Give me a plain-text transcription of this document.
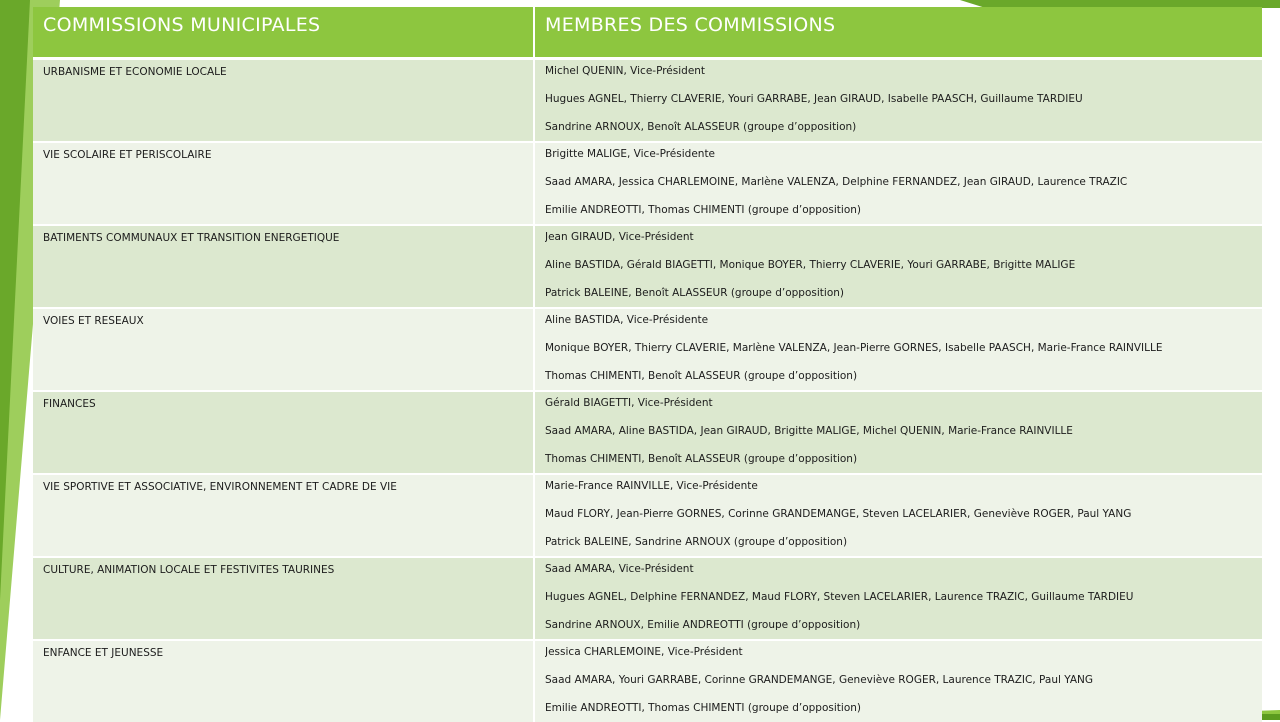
COMMISSIONS MUNICIPALES	MEMBRES DES COMMISSIONS
URBANISME ET ECONOMIE LOCALE	Michel QUENIN, Vice-Président
Hugues AGNEL, Thierry CLAVERIE, Youri GARRABE, Jean GIRAUD, Isabelle PAASCH, Guillaume TARDIEU
Sandrine ARNOUX, Benoît ALASSEUR (groupe d’opposition)

VIE SCOLAIRE ET PERISCOLAIRE	Brigitte MALIGE, Vice-Présidente
Saad AMARA, Jessica CHARLEMOINE, Marlène VALENZA, Delphine FERNANDEZ, Jean GIRAUD, Laurence TRAZIC
Emilie ANDREOTTI, Thomas CHIMENTI (groupe d’opposition)

BATIMENTS COMMUNAUX ET TRANSITION ENERGETIQUE	Jean GIRAUD, Vice-Président
Aline BASTIDA, Gérald BIAGETTI, Monique BOYER, Thierry CLAVERIE, Youri GARRABE, Brigitte MALIGE
Patrick BALEINE, Benoît ALASSEUR (groupe d’opposition)

VOIES ET RESEAUX	Aline BASTIDA, Vice-Présidente
Monique BOYER, Thierry CLAVERIE, Marlène VALENZA, Jean-Pierre GORNES, Isabelle PAASCH, Marie-France RAINVILLE
Thomas CHIMENTI, Benoît ALASSEUR (groupe d’opposition)

FINANCES	Gérald BIAGETTI, Vice-Président
Saad AMARA, Aline BASTIDA, Jean GIRAUD, Brigitte MALIGE, Michel QUENIN, Marie-France RAINVILLE
Thomas CHIMENTI, Benoît ALASSEUR (groupe d’opposition)

VIE SPORTIVE ET ASSOCIATIVE, ENVIRONNEMENT ET CADRE DE VIE	Marie-France RAINVILLE, Vice-Présidente
Maud FLORY, Jean-Pierre GORNES, Corinne GRANDEMANGE, Steven LACELARIER, Geneviève ROGER, Paul YANG
Patrick BALEINE, Sandrine ARNOUX (groupe d’opposition)

CULTURE, ANIMATION LOCALE ET FESTIVITES TAURINES	Saad AMARA, Vice-Président
Hugues AGNEL, Delphine FERNANDEZ, Maud FLORY, Steven LACELARIER, Laurence TRAZIC, Guillaume TARDIEU
Sandrine ARNOUX, Emilie ANDREOTTI (groupe d’opposition)

ENFANCE ET JEUNESSE	Jessica CHARLEMOINE, Vice-Président
Saad AMARA, Youri GARRABE, Corinne GRANDEMANGE, Geneviève ROGER, Laurence TRAZIC, Paul YANG
Emilie ANDREOTTI, Thomas CHIMENTI (groupe d’opposition)
